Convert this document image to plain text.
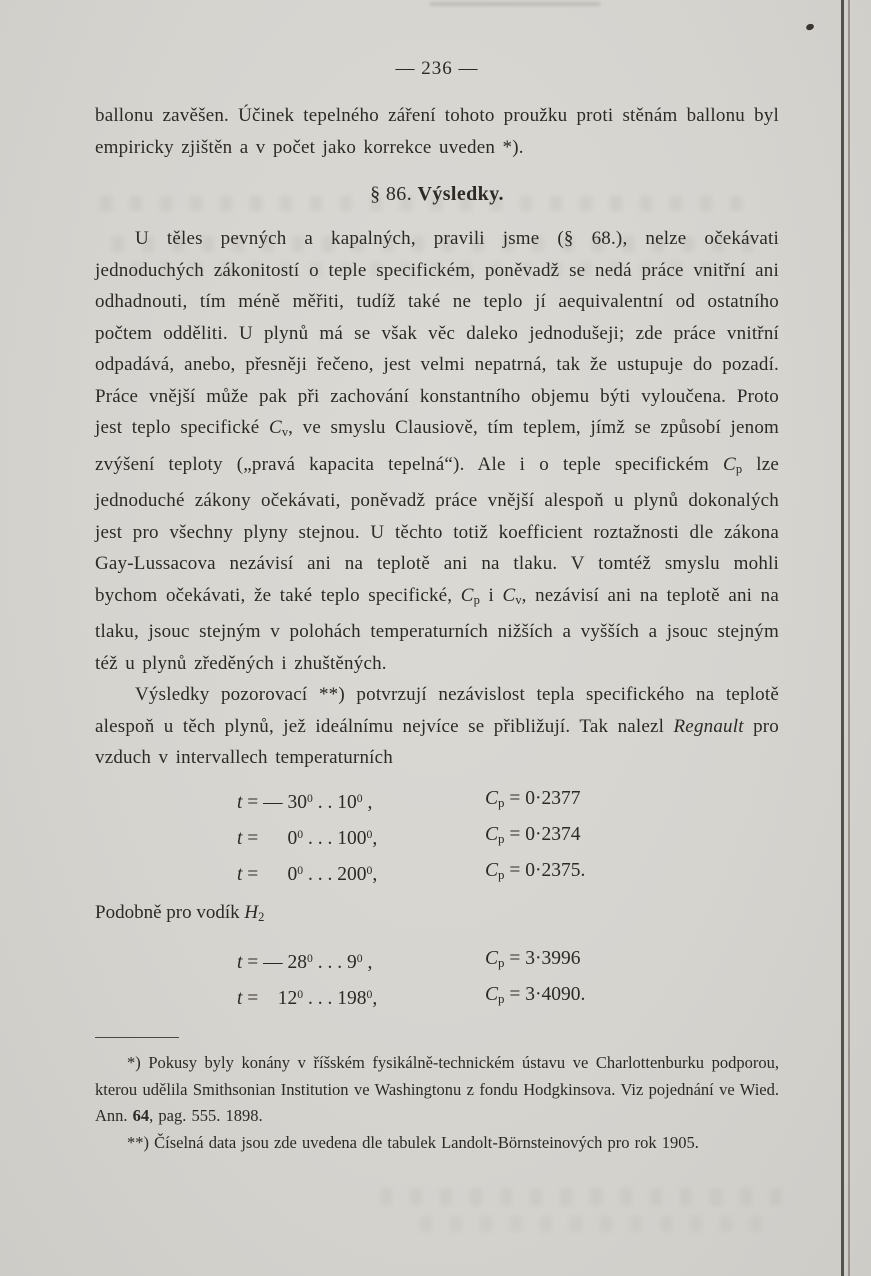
— 236 —

ballonu zavěšen. Účinek tepelného záření tohoto proužku proti stěnám ballonu byl empiricky zjištěn a v počet jako korrekce uveden *).

§ 86. Výsledky.

U těles pevných a kapalných, pravili jsme (§ 68.), nelze očekávati jednoduchých zákonitostí o teple specifickém, poněvadž se nedá práce vnitřní ani odhadnouti, tím méně měřiti, tudíž také ne teplo jí aequivalentní od ostatního počtem odděliti. U plynů má se však věc daleko jednodušeji; zde práce vnitřní odpadává, anebo, přesněji řečeno, jest velmi nepatrná, tak že ustupuje do pozadí. Práce vnější může pak při zachování konstantního objemu býti vyloučena. Proto jest teplo specifické $C_v$, ve smyslu Clausiově, tím teplem, jímž se způsobí jenom zvýšení teploty („pravá kapacita tepelná“). Ale i o teple specifickém $C_p$ lze jednoduché zákony očekávati, poněvadž práce vnější alespoň u plynů dokonalých jest pro všechny plyny stejnou. U těchto totiž koefficient roztažnosti dle zákona Gay-Lussacova nezávisí ani na teplotě ani na tlaku. V tomtéž smyslu mohli bychom očekávati, že také teplo specifické, $C_p$ i $C_v$, nezávisí ani na teplotě ani na tlaku, jsouc stejným v polohách temperaturních nižších a vyšších a jsouc stejným též u plynů zředěných i zhuštěných.

Výsledky pozorovací **) potvrzují nezávislost tepla specifického na teplotě alespoň u těch plynů, jež ideálnímu nejvíce se přibližují. Tak nalezl Regnault pro vzduch v intervallech temperaturních

t = — $30^0$ . . $10^0$ ,	$C_p = 0\cdot 2377$
t =      $0^0$ . . . $100^0$,	$C_p = 0\cdot 2374$
t =      $0^0$ . . . $200^0$,	$C_p = 0\cdot 2375$.

Podobně pro vodík $H_2$

t = — $28^0$ . . . $9^0$ ,	$C_p = 3\cdot 3996$
t =    $12^0$ . . . $198^0$,	$C_p = 3\cdot 4090$.

*) Pokusy byly konány v říšském fysikálně-technickém ústavu ve Charlottenburku podporou, kterou udělila Smithsonian Institution ve Washingtonu z fondu Hodgkinsova. Viz pojednání ve Wied. Ann. 64, pag. 555. 1898.

**) Číselná data jsou zde uvedena dle tabulek Landolt-Börnsteinových pro rok 1905.
